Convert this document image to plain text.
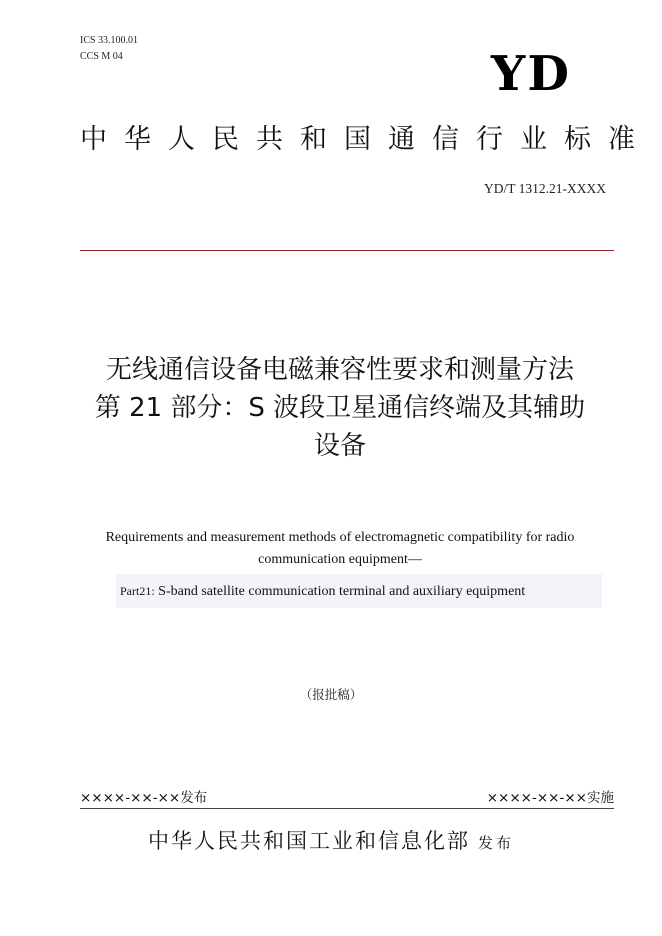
ICS 33.100.01
CCS M 04	YD
中华人民共和国通信行业标准
YD/T 1312.21-XXXX
无线通信设备电磁兼容性要求和测量方法
第 21 部分：S 波段卫星通信终端及其辅助
设备
Requirements and measurement methods of electromagnetic compatibility for radio
communication equipment—
Part21: S-band satellite communication terminal and auxiliary equipment
（报批稿）
××××-××-××发布	××××-××-××实施
中华人民共和国工业和信息化部 发布
